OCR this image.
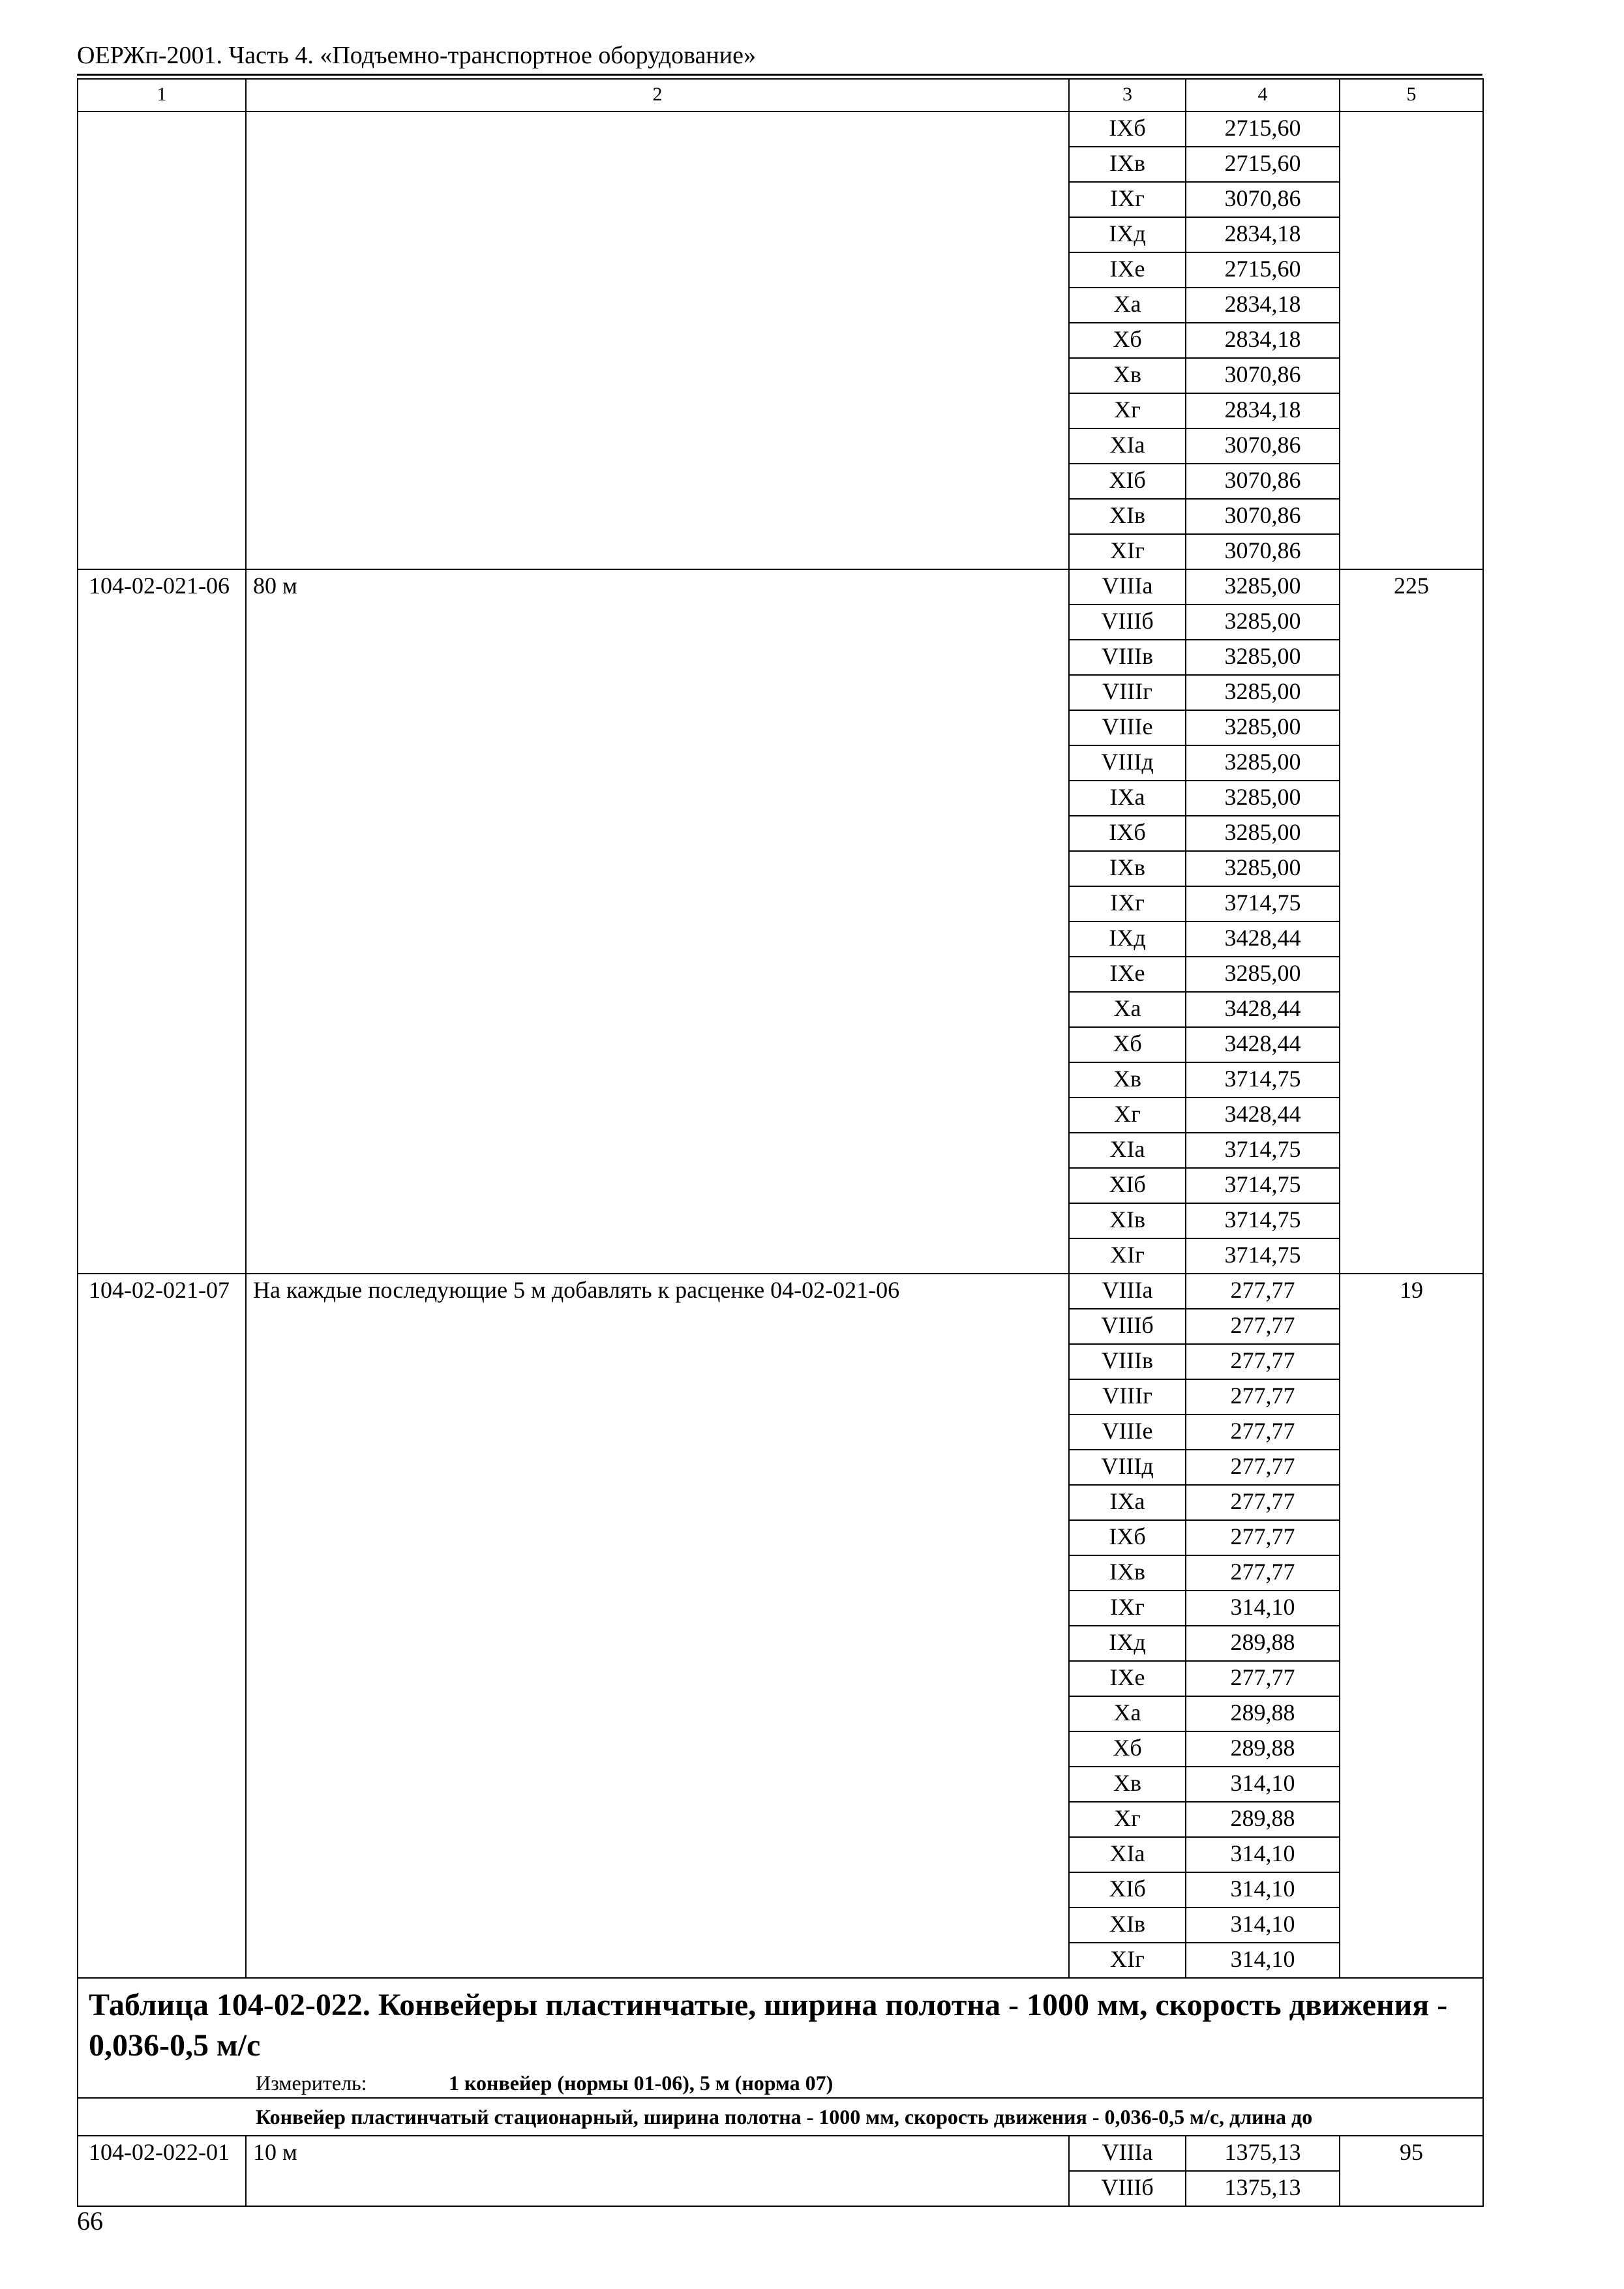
ОЕРЖп-2001. Часть 4. «Подъемно-транспортное оборудование»
1	2	3	4	5
		IXб	2715,60	
		IXв	2715,60	
		IXг	3070,86	
		IXд	2834,18	
		IXе	2715,60	
		Xа	2834,18	
		Xб	2834,18	
		Xв	3070,86	
		Xг	2834,18	
		XIа	3070,86	
		XIб	3070,86	
		XIв	3070,86	
		XIг	3070,86	
104-02-021-06	80 м	VIIIа	3285,00	225
		VIIIб	3285,00	
		VIIIв	3285,00	
		VIIIг	3285,00	
		VIIIе	3285,00	
		VIIIд	3285,00	
		IXа	3285,00	
		IXб	3285,00	
		IXв	3285,00	
		IXг	3714,75	
		IXд	3428,44	
		IXе	3285,00	
		Xа	3428,44	
		Xб	3428,44	
		Xв	3714,75	
		Xг	3428,44	
		XIа	3714,75	
		XIб	3714,75	
		XIв	3714,75	
		XIг	3714,75	
104-02-021-07	На каждые последующие 5 м добавлять к расценке 04-02-021-06	VIIIа	277,77	19
		VIIIб	277,77	
		VIIIв	277,77	
		VIIIг	277,77	
		VIIIе	277,77	
		VIIIд	277,77	
		IXа	277,77	
		IXб	277,77	
		IXв	277,77	
		IXг	314,10	
		IXд	289,88	
		IXе	277,77	
		Xа	289,88	
		Xб	289,88	
		Xв	314,10	
		Xг	289,88	
		XIа	314,10	
		XIб	314,10	
		XIв	314,10	
		XIг	314,10	
Таблица 104-02-022. Конвейеры пластинчатые, ширина полотна - 1000 мм, скорость движения - 0,036-0,5 м/с				
Измеритель: 1 конвейер (нормы 01-06), 5 м (норма 07)				
Конвейер пластинчатый стационарный, ширина полотна - 1000 мм, скорость движения - 0,036-0,5 м/с, длина до				
104-02-022-01	10 м	VIIIа	1375,13	95
		VIIIб	1375,13	
66
